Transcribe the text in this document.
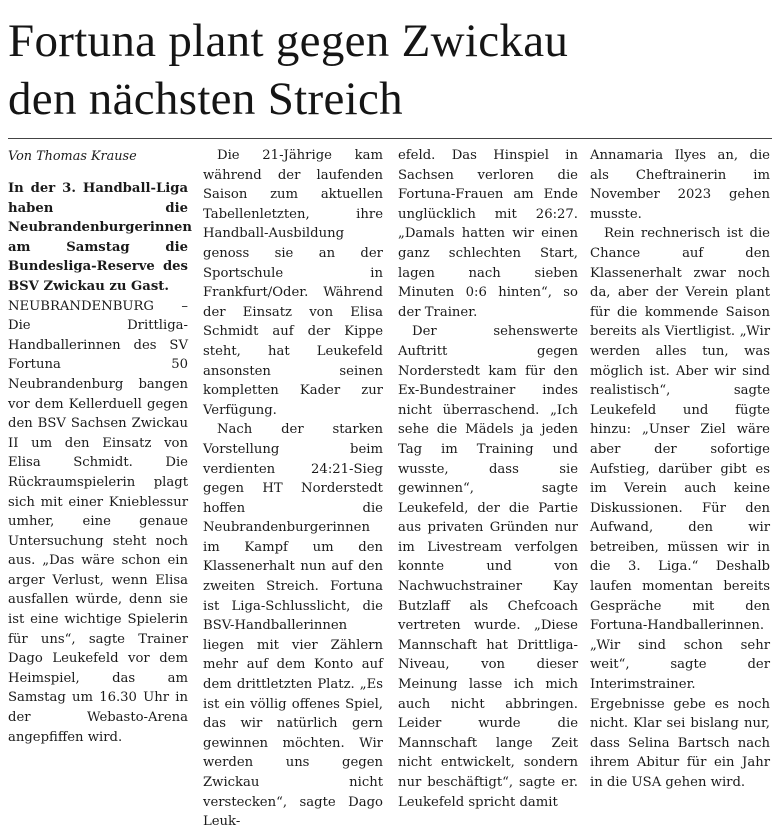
Fortuna plant gegen Zwickau
den nächsten Streich
Von Thomas Krause

In der 3. Handball-Liga haben die Neubrandenburgerinnen am Samstag die Bundesliga-Reserve des BSV Zwickau zu Gast.

NEUBRANDENBURG – Die Drittliga-Handballerinnen des SV Fortuna 50 Neubrandenburg bangen vor dem Kellerduell gegen den BSV Sachsen Zwickau II um den Einsatz von Elisa Schmidt. Die Rückraumspielerin plagt sich mit einer Knieblessur umher, eine genaue Untersuchung steht noch aus. „Das wäre schon ein arger Verlust, wenn Elisa ausfallen würde, denn sie ist eine wichtige Spielerin für uns“, sagte Trainer Dago Leukefeld vor dem Heimspiel, das am Samstag um 16.30 Uhr in der Webasto-Arena angepfiffen wird.

Die 21-Jährige kam während der laufenden Saison zum aktuellen Tabellenletzten, ihre Handball-Ausbildung genoss sie an der Sportschule in Frankfurt/Oder. Während der Einsatz von Elisa Schmidt auf der Kippe steht, hat Leukefeld ansonsten seinen kompletten Kader zur Verfügung.

Nach der starken Vorstellung beim verdienten 24:21-Sieg gegen HT Norderstedt hoffen die Neubrandenburgerinnen im Kampf um den Klassenerhalt nun auf den zweiten Streich. Fortuna ist Liga-Schlusslicht, die BSV-Handballerinnen liegen mit vier Zählern mehr auf dem Konto auf dem drittletzten Platz. „Es ist ein völlig offenes Spiel, das wir natürlich gern gewinnen möchten. Wir werden uns gegen Zwickau nicht verstecken“, sagte Dago Leuk-

efeld. Das Hinspiel in Sachsen verloren die Fortuna-Frauen am Ende unglücklich mit 26:27. „Damals hatten wir einen ganz schlechten Start, lagen nach sieben Minuten 0:6 hinten“, so der Trainer.

Der sehenswerte Auftritt gegen Norderstedt kam für den Ex-Bundestrainer indes nicht überraschend. „Ich sehe die Mädels ja jeden Tag im Training und wusste, dass sie gewinnen“, sagte Leukefeld, der die Partie aus privaten Gründen nur im Livestream verfolgen konnte und von Nachwuchstrainer Kay Butzlaff als Chefcoach vertreten wurde. „Diese Mannschaft hat Drittliga-Niveau, von dieser Meinung lasse ich mich auch nicht abbringen. Leider wurde die Mannschaft lange Zeit nicht entwickelt, sondern nur beschäftigt“, sagte er. Leukefeld spricht damit

Annamaria Ilyes an, die als Cheftrainerin im November 2023 gehen musste.

Rein rechnerisch ist die Chance auf den Klassenerhalt zwar noch da, aber der Verein plant für die kommende Saison bereits als Viertligist. „Wir werden alles tun, was möglich ist. Aber wir sind realistisch“, sagte Leukefeld und fügte hinzu: „Unser Ziel wäre aber der sofortige Aufstieg, darüber gibt es im Verein auch keine Diskussionen. Für den Aufwand, den wir betreiben, müssen wir in die 3. Liga.“ Deshalb laufen momentan bereits Gespräche mit den Fortuna-Handballerinnen. „Wir sind schon sehr weit“, sagte der Interimstrainer. Ergebnisse gebe es noch nicht. Klar sei bislang nur, dass Selina Bartsch nach ihrem Abitur für ein Jahr in die USA gehen wird.
